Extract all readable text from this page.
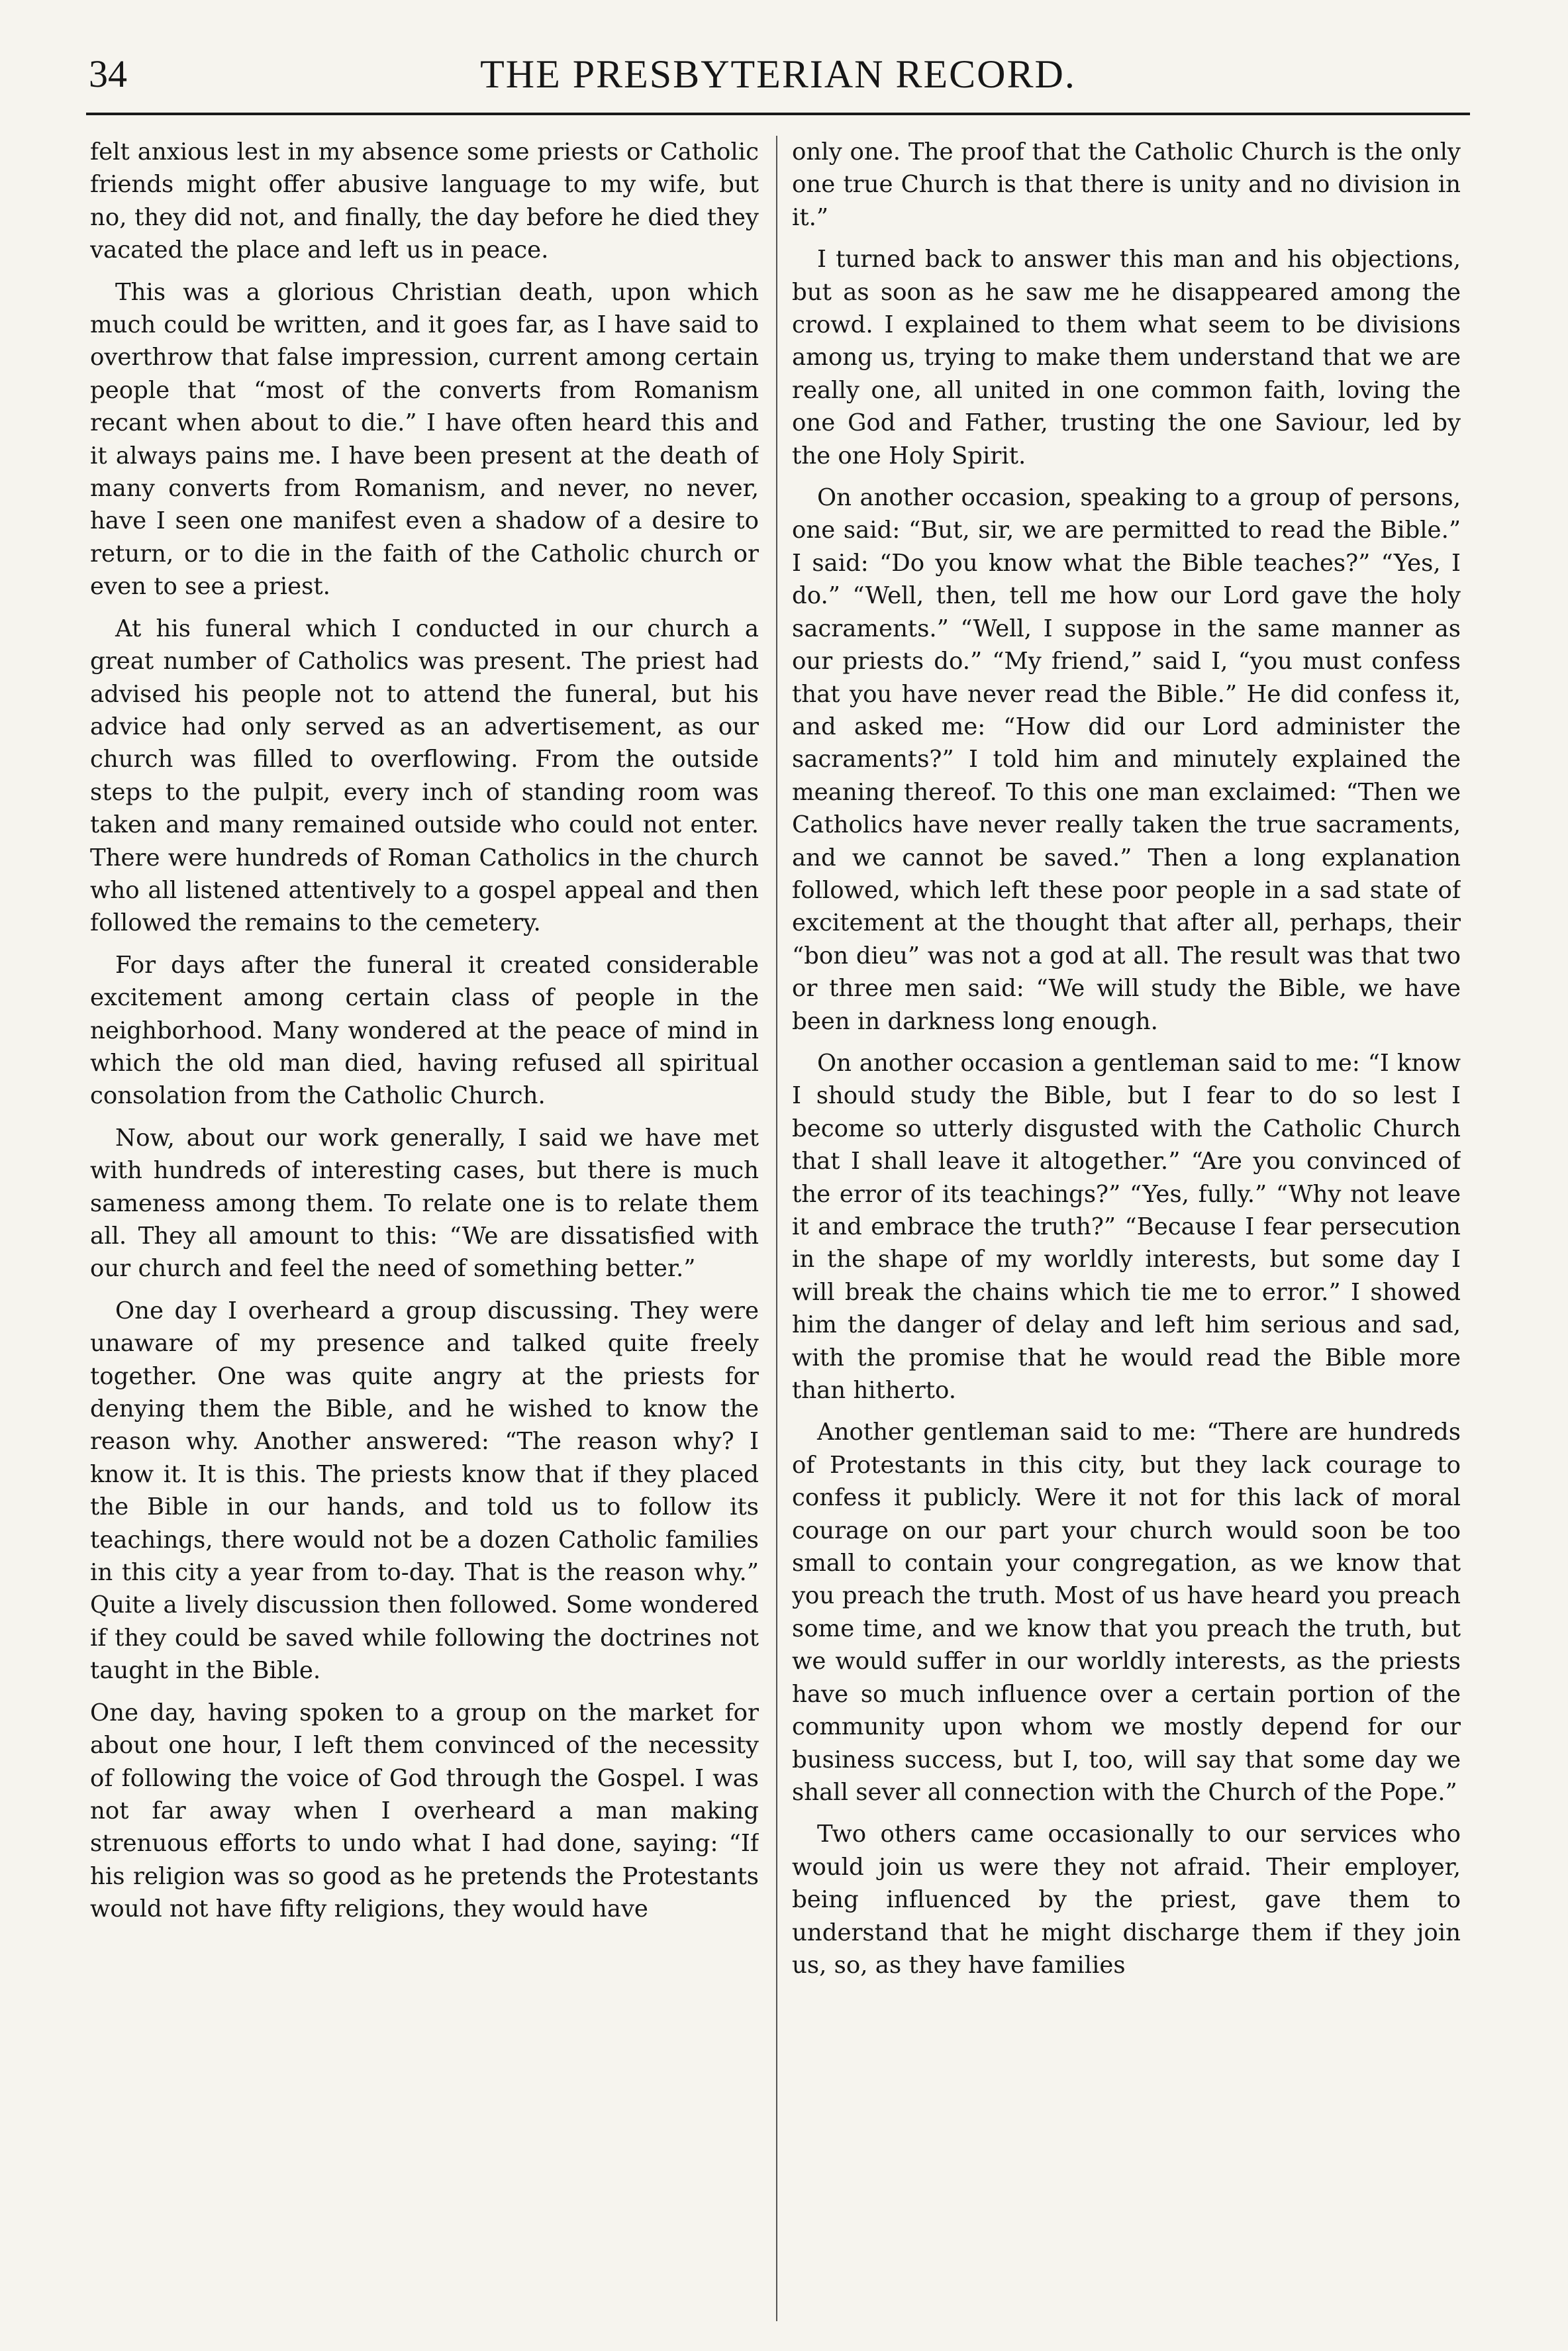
34	THE PRESBYTERIAN RECORD.

felt anxious lest in my absence some priests or Catholic friends might offer abusive language to my wife, but no, they did not, and finally, the day before he died they vacated the place and left us in peace.

This was a glorious Christian death, upon which much could be written, and it goes far, as I have said to overthrow that false impression, current among certain people that “most of the converts from Romanism recant when about to die.” I have often heard this and it always pains me. I have been present at the death of many converts from Romanism, and never, no never, have I seen one manifest even a shadow of a desire to return, or to die in the faith of the Catholic church or even to see a priest.

At his funeral which I conducted in our church a great number of Catholics was present. The priest had advised his people not to attend the funeral, but his advice had only served as an advertisement, as our church was filled to overflowing. From the outside steps to the pulpit, every inch of standing room was taken and many remained outside who could not enter. There were hundreds of Roman Catholics in the church who all listened attentively to a gospel appeal and then followed the remains to the cemetery.

For days after the funeral it created considerable excitement among certain class of people in the neighborhood. Many wondered at the peace of mind in which the old man died, having refused all spiritual consolation from the Catholic Church.

Now, about our work generally, I said we have met with hundreds of interesting cases, but there is much sameness among them. To relate one is to relate them all. They all amount to this: “We are dissatisfied with our church and feel the need of something better.”

One day I overheard a group discussing. They were unaware of my presence and talked quite freely together. One was quite angry at the priests for denying them the Bible, and he wished to know the reason why. Another answered: “The reason why? I know it. It is this. The priests know that if they placed the Bible in our hands, and told us to follow its teachings, there would not be a dozen Catholic families in this city a year from to-day. That is the reason why.” Quite a lively discussion then followed. Some wondered if they could be saved while following the doctrines not taught in the Bible.

One day, having spoken to a group on the market for about one hour, I left them convinced of the necessity of following the voice of God through the Gospel. I was not far away when I overheard a man making strenuous efforts to undo what I had done, saying: “If his religion was so good as he pretends the Protestants would not have fifty religions, they would have

only one. The proof that the Catholic Church is the only one true Church is that there is unity and no division in it.”

I turned back to answer this man and his objections, but as soon as he saw me he disappeared among the crowd. I explained to them what seem to be divisions among us, trying to make them understand that we are really one, all united in one common faith, loving the one God and Father, trusting the one Saviour, led by the one Holy Spirit.

On another occasion, speaking to a group of persons, one said: “But, sir, we are permitted to read the Bible.” I said: “Do you know what the Bible teaches?” “Yes, I do.” “Well, then, tell me how our Lord gave the holy sacraments.” “Well, I suppose in the same manner as our priests do.” “My friend,” said I, “you must confess that you have never read the Bible.” He did confess it, and asked me: “How did our Lord administer the sacraments?” I told him and minutely explained the meaning thereof. To this one man exclaimed: “Then we Catholics have never really taken the true sacraments, and we cannot be saved.” Then a long explanation followed, which left these poor people in a sad state of excitement at the thought that after all, perhaps, their “bon dieu” was not a god at all. The result was that two or three men said: “We will study the Bible, we have been in darkness long enough.

On another occasion a gentleman said to me: “I know I should study the Bible, but I fear to do so lest I become so utterly disgusted with the Catholic Church that I shall leave it altogether.” “Are you convinced of the error of its teachings?” “Yes, fully.” “Why not leave it and embrace the truth?” “Because I fear persecution in the shape of my worldly interests, but some day I will break the chains which tie me to error.” I showed him the danger of delay and left him serious and sad, with the promise that he would read the Bible more than hitherto.

Another gentleman said to me: “There are hundreds of Protestants in this city, but they lack courage to confess it publicly. Were it not for this lack of moral courage on our part your church would soon be too small to contain your congregation, as we know that you preach the truth. Most of us have heard you preach some time, and we know that you preach the truth, but we would suffer in our worldly interests, as the priests have so much influence over a certain portion of the community upon whom we mostly depend for our business success, but I, too, will say that some day we shall sever all connection with the Church of the Pope.”

Two others came occasionally to our services who would join us were they not afraid. Their employer, being influenced by the priest, gave them to understand that he might discharge them if they join us, so, as they have families
